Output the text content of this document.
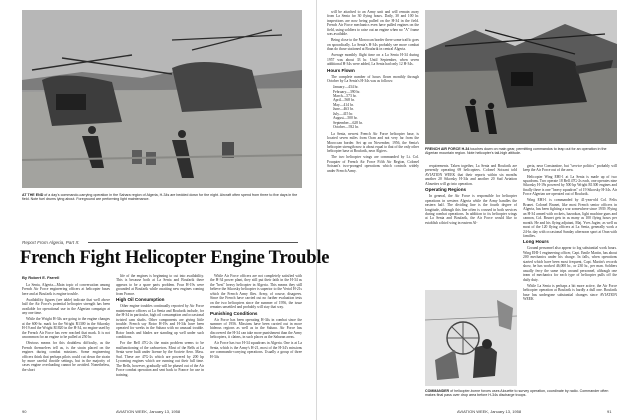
AT THE END of a day's commando-carrying operation in the Sahara region of Algeria, H-34s are bedded down for the night. Aircraft often spend from three to five days in the field. Note fuel drums lying about. Foreground are performing light maintenance.
Report From Algeria, Part II:
French Fight Helicopter Engine Trouble
By Robert E. Farrell

La Senia, Algeria—Main topic of conversation among French Air Force engineering officers at helicopter bases here and at Boufarik is engine trouble.

Availability figures (see table) indicate that well above half the Air Force's potential helicopter strength has been available for operational use in the Algerian campaign at any one time.

While the Wright H-34s are going to the engine changes at the 600-hr. mark for the Wright R1300 in the Sikorsky H-19 and the Wright R1820 in the H-34, no engine used by the French Air Force has ever reached that mark. It is not uncommon for an engine to be pulled at 250 hr.

Obvious means for this doubtless difficulty, as the French themselves tell us, is the strain placed on the engines during combat missions. Some engineering officers think that perhaps pilots could cut down the strain by more careful throttle settings, but in the majority of cases engine overloading cannot be avoided. Nonetheless, the short

life of the engines is beginning to cut into availability. This is because both at La Senia and Boufarik there appears to be a spare parts problem. Four H-19s were grounded at Boufarik while awaiting new engines coming from France.

High Oil Consumption

Other engine troubles continually reported by Air Force maintenance officers at La Senia and Boufarik include, for the H-34 in particular, high oil consumption and occasional twisted cam shafts. Other components are giving little trouble. French say Rotor H-19s and H-34s have been operated for weeks in the Sahara with no unusual trouble. Rotor heads and blades are standing up well under such conditions.

For the Bell 47G-2s the main problem seems to be malfunctioning of the carburetors. Most of the Bells at La Senia were built under license by the Societe Aero. Mass. Sud. These are 47G-2s which are powered by 200 hp Lycoming engines which are running out their full time. The Bells, however, gradually will be phased out of the Air Force combat operation and sent back to France for use in training.

While Air Force officers are not completely satisfied with the H-34 power plant, they still put their faith in the H-34 as the "best" heavy helicopter in Algeria. This means they still believe the Sikorsky helicopter is superior to the Vertol H-21s which the French Army flies. Army, of course, disagrees. Since the French have carried out no further evaluation tests on the two helicopters since the summer of 1956, the issue remains unsettled and probably will stay that way.

Punishing Conditions

Air Force has been operating H-34s in combat since the summer of 1956. Missions have been carried out in more hideous regions as well as in the Sahara. Air Force has discovered the H-34 can take more punishment than the Army helicopters, it claims, in such places as the Saharan areas.

Air Force has two H-34 squadrons in Algeria. One is at La Senia, which is the Army's H-21, most of the H-34's missions are commando-carrying operations. Usually a group of three H-34s

90	AVIATION WEEK, January 13, 1958

will be attached to an Army unit and will remain away from La Senia for 30 flying hours. Daily, 30 and 100 hr. inspections are now being pulled on the H-34 in the field. French Air Force mechanics even have pulled engines on the field, using soldiers to raise out an engine when no "A" frame was available.

Being close to the Moroccan border there some traffic goes on sporadically. La Senia's H-34s probably see more combat than do those stationed at Boufarik in central Algeria.

Average monthly flight time on a La Senia H-34 during 1957 was about 33 hr. Until September, when seven additional H-34s were added, La Senia had only 12 H-34s.

Hours Flown

The complete number of hours flown monthly through October by La Senia's H-34s was as follows:

January—434 hr.
February—390 hr.
March—573 hr.
April—568 hr.
May—414 hr.
June—463 hr.
July—415 hr.
August—500 hr.
September—628 hr.
October—932 hr.

La Senia, newest French Air Force helicopter base, is located seven miles from Oran and not very far from the Moroccan border. Set up on November, 1956, the Senia's helicopter strength now is about equal to that of the only other helicopter base at Boufarik, near Algiers.

The two helicopter wings are commanded by Lt. Col. Fouquier of French Air Force Fifth Air Region, Colonel Soixant's two-pronged operations which controls widely under French Army.

FRENCH AIR FORCE H-34 touches down on main gear, permitting commandos to leap out for an operation in the Algerian mountain region. Note helicopter's tail-high attitude.

requirements. Taken together, La Senia and Boufarik are presently operating 69 helicopters. Colonel Soixant told AVIATION WEEK that their reports within six months another 20 Sikorsky H-34s and another 20 Sud Aviation Alouettes will go into operation.

Operating Regions

In general, the Air Force is responsible for helicopter operations in western Algeria while the Army handles the eastern half. The dividing line is the fourth degree of longitude, although this line often is crossed in both services during combat operations. In addition to its helicopter wings at La Senia and Boufarik, the Air Force would like to establish a third wing in eastern Al-

COMMANDER of helicopter-borne forces uses Alouette to survey operation, coordinate by radio. Commander often makes final pass over drop area before H-34s discharge troops.

geria, near Constantine, but "service politics" probably will keep the Air Force out of the area.

Helicopter Wing EHI-1 at La Senia is made up of two squadrons. Two operate 18 Bell 47G-2s each, one operates nine Sikorsky H-19s powered by 500 hp Wright R1300 engines and finally there is one "heavy squadron" of 19 Sikorsky H-34s. Air Force Algerian are operated out of Boufarik.

Wing EHI-1 is commanded by 41-year-old Col. Felix Brunet. Colonel Brunet, like most French senior officers in Algeria, has been fighting a war somewhere since 1939. Flying an H-34 armed with rockets, bazookas, light machine guns and cannon, Col. Brunet gets in as many as 100 flying hours per month. He and his flying adjutant, Maj. Yves Jugier, as well as most of the 120 flying officers at La Senia, generally work a 24-hr. day with occasional Sunday afternoon sport at Oran with families.

Long Hours

Ground personnel also appear to log substantial work hours. Wing EHI-1 engineering officer, Capt. Emile Martin, has about 200 mechanics under his charge. In falls, when operations started which have been most frequent, Capt. Martin's records show, he has worked 46,000 hr., or 230 hr., per man. Soldiers usually ferry the same trips around personnel, although one team of mechanics for each type of helicopter pulls off the daily duty.

While La Senia is perhaps a bit more active, the Air Force helicopter operation at Boufarik is hardly a dull one. Boufarik base has undergone substantial changes since AVIATION WEEK

AVIATION WEEK, January 13, 1958	91
